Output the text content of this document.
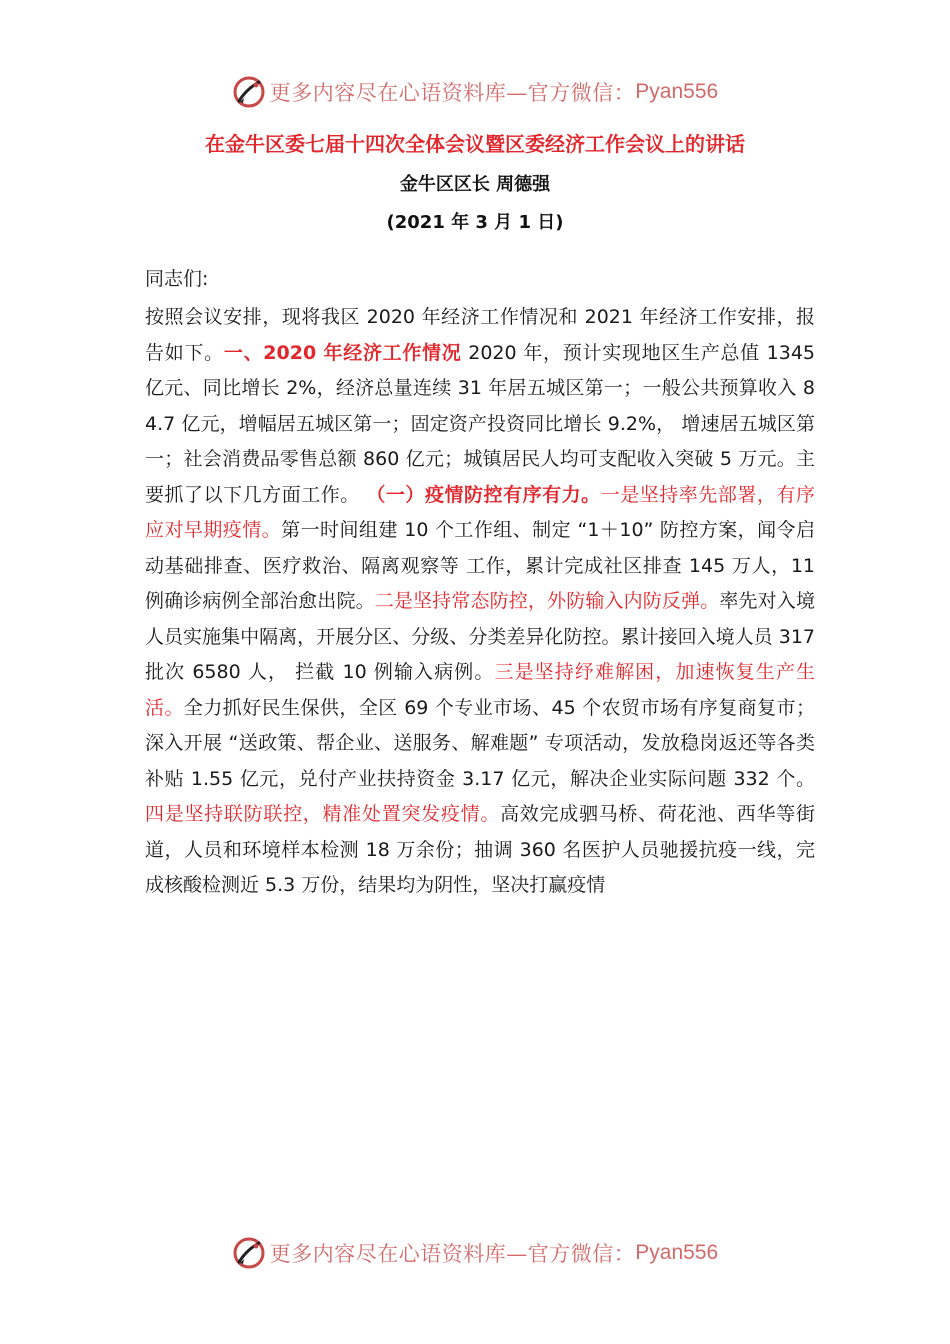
更多内容尽在心语资料库—官方微信： Pyan556
在金牛区委七届十四次全体会议暨区委经济工作会议上的讲话
金牛区区长 周德强
(2021 年 3 月 1 日)
同志们:
按照会议安排，现将我区 2020 年经济工作情况和 2021 年经济工作安排，报告如下。一、2020 年经济工作情况 2020 年，预计实现地区生产总值 1345 亿元、同比增长 2%，经济总量连续 31 年居五城区第一；一般公共预算收入 84.7 亿元，增幅居五城区第一；固定资产投资同比增长 9.2%， 增速居五城区第一；社会消费品零售总额 860 亿元；城镇居民人均可支配收入突破 5 万元。主要抓了以下几方面工作。 （一）疫情防控有序有力。一是坚持率先部署，有序应对早期疫情。第一时间组建 10 个工作组、制定 “1＋10” 防控方案，闻令启动基础排查、医疗救治、隔离观察等 工作，累计完成社区排查 145 万人，11 例确诊病例全部治愈出院。二是坚持常态防控，外防输入内防反弹。率先对入境人员实施集中隔离，开展分区、分级、分类差异化防控。累计接回入境人员 317 批次 6580 人， 拦截 10 例输入病例。三是坚持纾难解困，加速恢复生产生活。全力抓好民生保供，全区 69 个专业市场、45 个农贸市场有序复商复市；深入开展 “送政策、帮企业、送服务、解难题” 专项活动，发放稳岗返还等各类补贴 1.55 亿元，兑付产业扶持资金 3.17 亿元，解决企业实际问题 332 个。四是坚持联防联控，精准处置突发疫情。高效完成驷马桥、荷花池、西华等街道，人员和环境样本检测 18 万余份；抽调 360 名医护人员驰援抗疫一线，完成核酸检测近 5.3 万份，结果均为阴性，坚决打赢疫情
更多内容尽在心语资料库—官方微信： Pyan556
